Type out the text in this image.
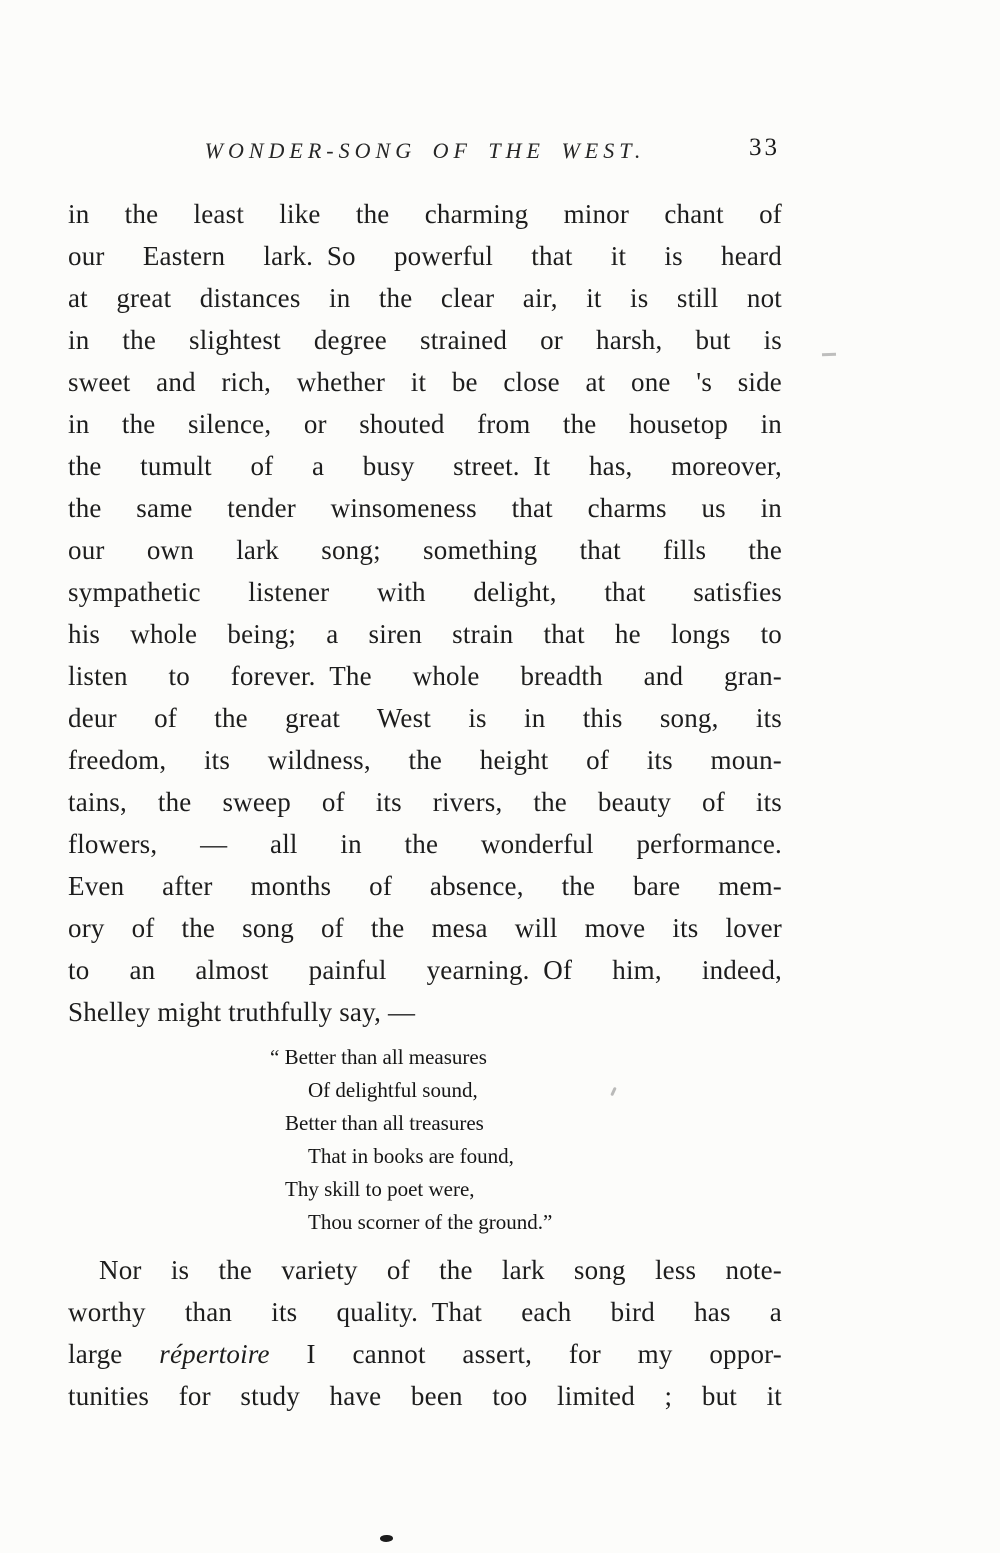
WONDER-SONG OF THE WEST.	33
in the least like the charming minor chant of
our Eastern lark. So powerful that it is heard
at great distances in the clear air, it is still not
in the slightest degree strained or harsh, but is
sweet and rich, whether it be close at one 's side
in the silence, or shouted from the housetop in
the tumult of a busy street. It has, moreover,
the same tender winsomeness that charms us in
our own lark song; something that fills the
sympathetic listener with delight, that satisfies
his whole being; a siren strain that he longs to
listen to forever. The whole breadth and gran-
deur of the great West is in this song, its
freedom, its wildness, the height of its moun-
tains, the sweep of its rivers, the beauty of its
flowers, — all in the wonderful performance.
Even after months of absence, the bare mem-
ory of the song of the mesa will move its lover
to an almost painful yearning. Of him, indeed,
Shelley might truthfully say, —
“ Better than all measures
Of delightful sound,
Better than all treasures
That in books are found,
Thy skill to poet were,
Thou scorner of the ground.”
Nor is the variety of the lark song less note-
worthy than its quality. That each bird has a
large répertoire I cannot assert, for my oppor-
tunities for study have been too limited ; but it
